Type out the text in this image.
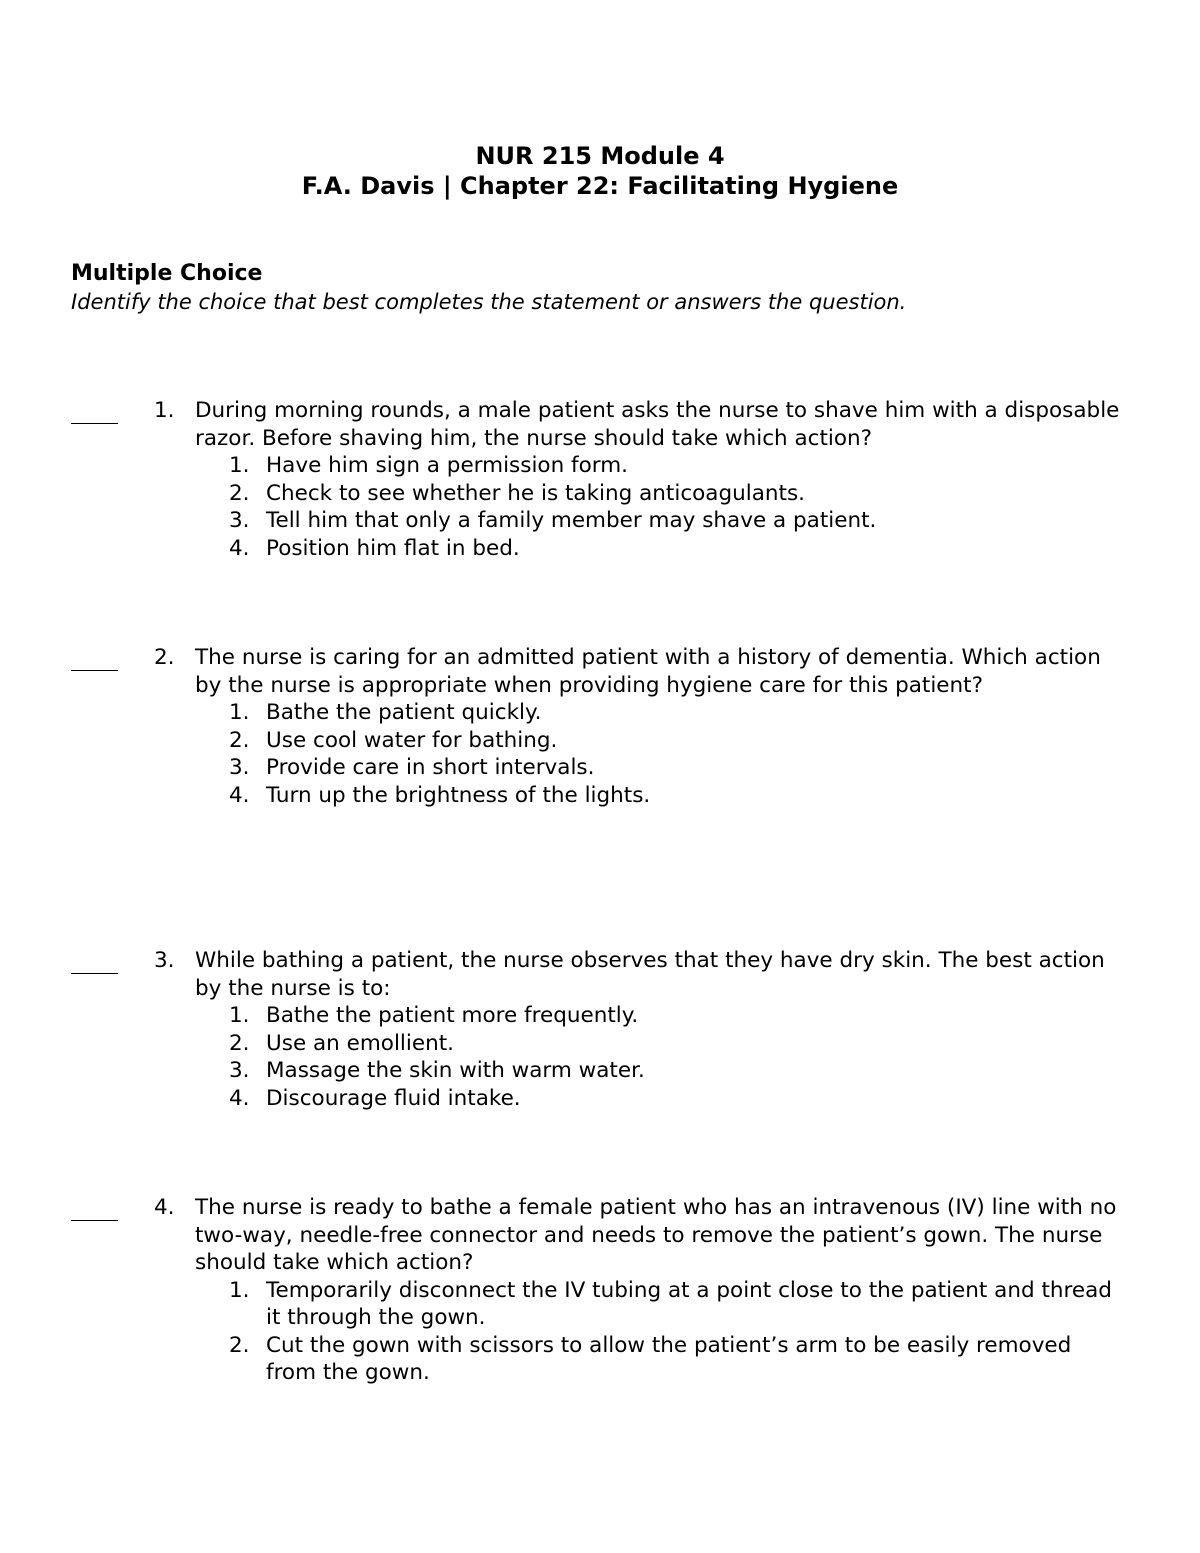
NUR 215 Module 4
F.A. Davis | Chapter 22: Facilitating Hygiene
Multiple Choice
Identify the choice that best completes the statement or answers the question.
1. During morning rounds, a male patient asks the nurse to shave him with a disposable razor. Before shaving him, the nurse should take which action?
1. Have him sign a permission form.
2. Check to see whether he is taking anticoagulants.
3. Tell him that only a family member may shave a patient.
4. Position him flat in bed.
2. The nurse is caring for an admitted patient with a history of dementia. Which action by the nurse is appropriate when providing hygiene care for this patient?
1. Bathe the patient quickly.
2. Use cool water for bathing.
3. Provide care in short intervals.
4. Turn up the brightness of the lights.
3. While bathing a patient, the nurse observes that they have dry skin. The best action by the nurse is to:
1. Bathe the patient more frequently.
2. Use an emollient.
3. Massage the skin with warm water.
4. Discourage fluid intake.
4. The nurse is ready to bathe a female patient who has an intravenous (IV) line with no two-way, needle-free connector and needs to remove the patient’s gown. The nurse should take which action?
1. Temporarily disconnect the IV tubing at a point close to the patient and thread it through the gown.
2. Cut the gown with scissors to allow the patient’s arm to be easily removed from the gown.
